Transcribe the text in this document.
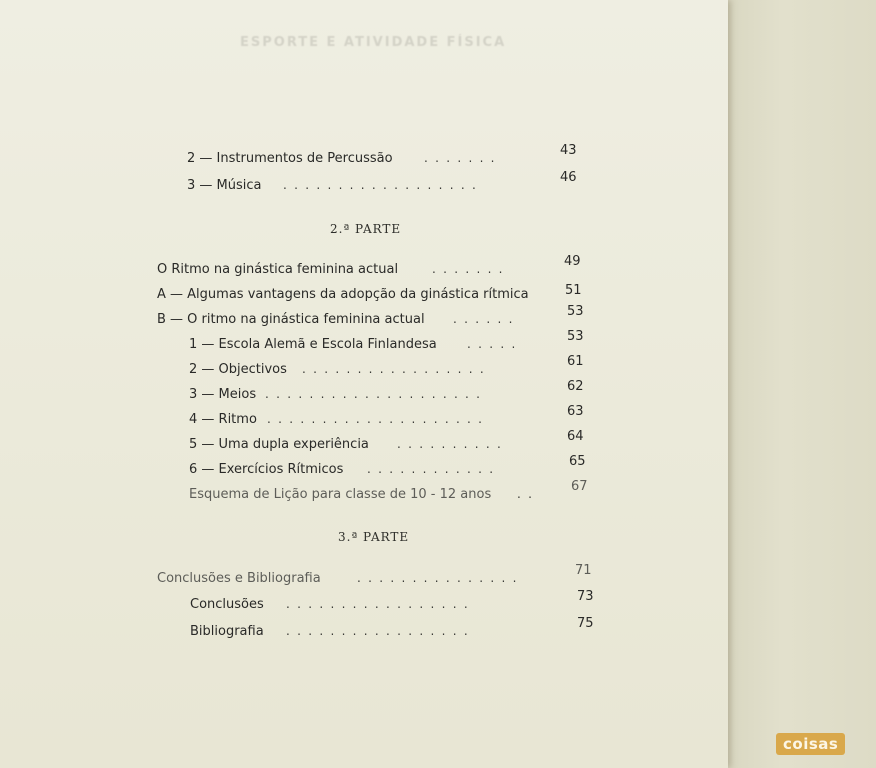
ESPORTE E ATIVIDADE FÍSICA
2 — Instrumentos de Percussão	.......	43
3 — Música ..................	46
2.ª PARTE
O Ritmo na ginástica feminina actual	.......	49
A — Algumas vantagens da adopção da ginástica rítmica	51
B — O ritmo na ginástica feminina actual ......	53
1 — Escola Alemã e Escola Finlandesa	.....	53
2 — Objectivos .................	61
3 — Meios ....................	62
4 — Ritmo ....................	63
5 — Uma dupla experiência ..........	64
6 — Exercícios Rítmicos ............	65
Esquema de Lição para classe de 10 - 12 anos .. 67
3.ª PARTE
Conclusões e Bibliografia	...............	71
Conclusões .................	73
Bibliografia .................	75
coisas
